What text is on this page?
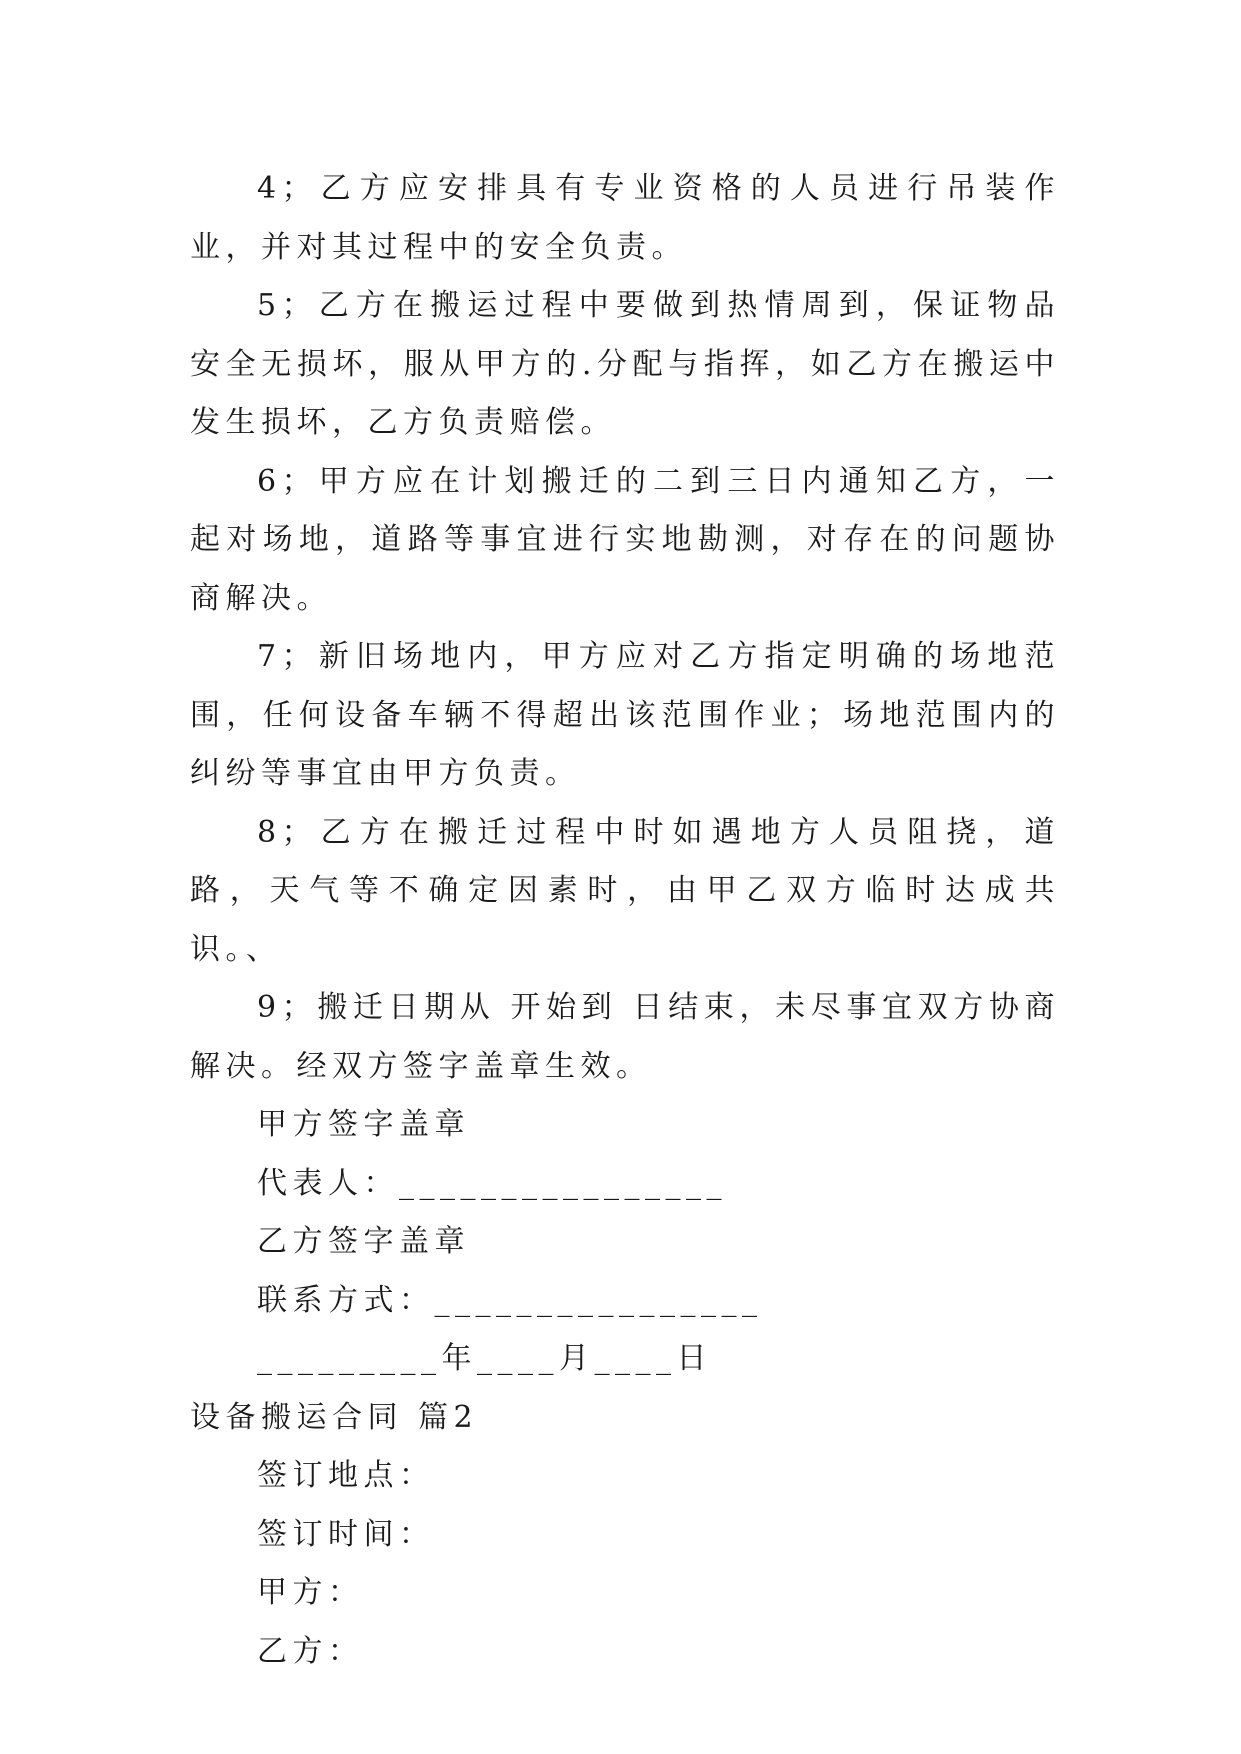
4；乙方应安排具有专业资格的人员进行吊装作业，并对其过程中的安全负责。

5；乙方在搬运过程中要做到热情周到，保证物品安全无损坏，服从甲方的.分配与指挥，如乙方在搬运中发生损坏，乙方负责赔偿。

6；甲方应在计划搬迁的二到三日内通知乙方，一起对场地，道路等事宜进行实地勘测，对存在的问题协商解决。

7；新旧场地内，甲方应对乙方指定明确的场地范围，任何设备车辆不得超出该范围作业；场地范围内的纠纷等事宜由甲方负责。

8；乙方在搬迁过程中时如遇地方人员阻挠，道路，天气等不确定因素时，由甲乙双方临时达成共识。、

9；搬迁日期从 开始到 日结束，未尽事宜双方协商解决。经双方签字盖章生效。

甲方签字盖章

代表人：________________

乙方签字盖章

联系方式：________________

_________年____月____日

设备搬运合同 篇2

签订地点：

签订时间：

甲方：

乙方：
